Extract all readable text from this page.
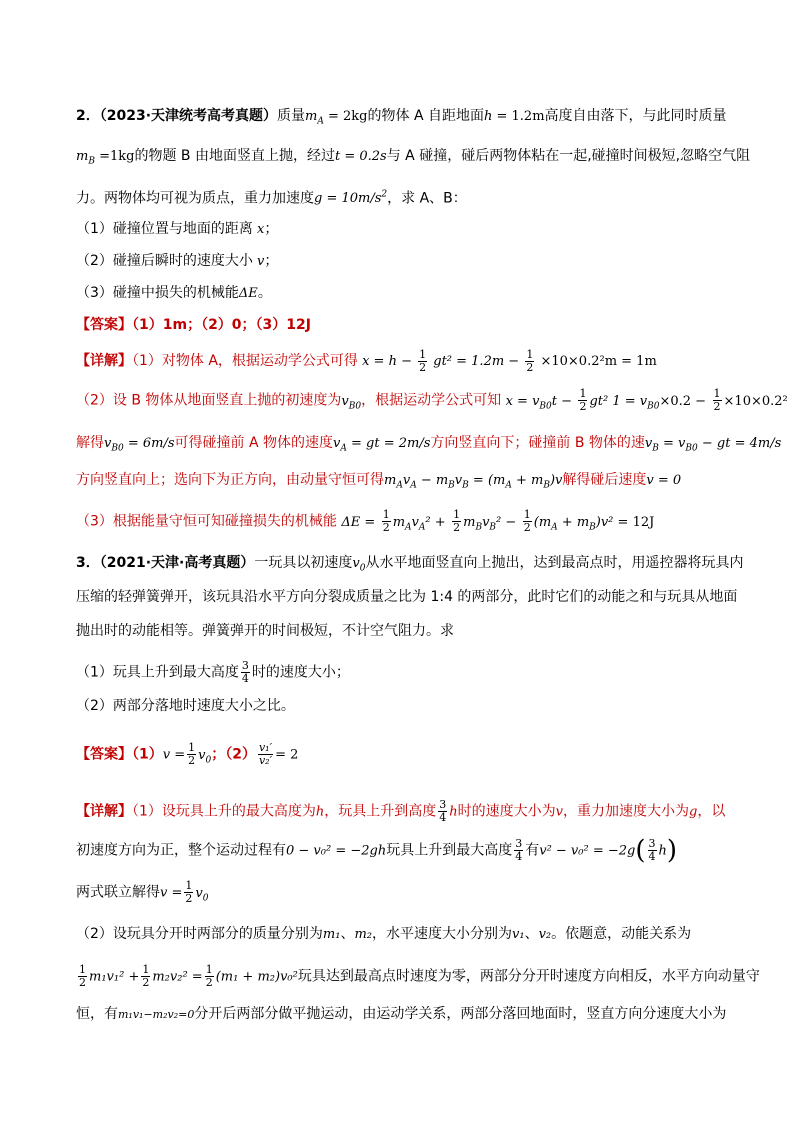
2．（2023·天津统考高考真题）质量$m_A = 2kg$的物体 A 自距地面h = 1.2m高度自由落下，与此同时质量
$m_B =1kg$的物题 B 由地面竖直上抛，经过t = 0.2s与 A 碰撞，碰后两物体粘在一起,碰撞时间极短,忽略空气阻
力。两物体均可视为质点，重力加速度$g = 10m/s^2$，求 A、B：
（1）碰撞位置与地面的距离 x；
（2）碰撞后瞬时的速度大小 v；
（3）碰撞中损失的机械能ΔE。
【答案】（1）1m；（2）0；（3）12J
【详解】（1）对物体 A，根据运动学公式可得 $x = h - \frac{1}{2} gt^2 = 1.2m - \frac{1}{2} \times 10\times 0.2^2m = 1m$
（2）设 B 物体从地面竖直上抛的初速度为$v_{B0}$，根据运动学公式可知 $x = v_{B0}t - \frac{1}{2} gt^2$ $1 = v_{B0}\times 0.2 - \frac{1}{2} \times 10\times 0.2^2$
解得$v_{B0} = 6m/s$可得碰撞前 A 物体的速度$v_A$ = gt = 2m/s方向竖直向下；碰撞前 B 物体的速$v_B = v_{B0}$ − gt = 4m/s
方向竖直向上；选向下为正方向，由动量守恒可得$m_Av_A - m_Bv_B = (m_A + m_B)v$解得碰后速度v = 0
（3）根据能量守恒可知碰撞损失的机械能 $\Delta E = \frac{1}{2} m_Av_A^2 + \frac{1}{2} m_Bv_B^2 - \frac{1}{2} (m_A + m_B)v^2 = 12J$
3．（2021·天津·高考真题）一玩具以初速度$v_0$从水平地面竖直向上抛出，达到最高点时，用遥控器将玩具内
压缩的轻弹簧弹开，该玩具沿水平方向分裂成质量之比为 1:4 的两部分，此时它们的动能之和与玩具从地面
抛出时的动能相等。弹簧弹开的时间极短，不计空气阻力。求
（1）玩具上升到最大高度 $\frac{3}{4}$ 时的速度大小；
（2）两部分落地时速度大小之比。
【答案】$(1)v = \frac{1}{2} v_0$；$(2) \frac{\text{v₁′}}{\text{v₂′}} = 2$
【详解】（1）设玩具上升的最大高度为h，玩具上升到高度 $\frac{3}{4}$ h时的速度大小为v，重力加速度大小为g，以
初速度方向为正，整个运动过程有0 − v₀² = −2gh玩具上升到最大高度 $\frac{3}{4}$ 有$v^2 - v_0^2 = -2g( \frac{3}{4} h)$
两式联立解得$v = \frac{1}{2} v_0$
（2）设玩具分开时两部分的质量分别为m₁、m₂，水平速度大小分别为v₁、v₂。依题意，动能关系为
$\frac{1}{2} m_1v_1^2 + \frac{1}{2} m_2v_2^2 = \frac{1}{2} (m_1 + m_2)v_0^2$玩具达到最高点时速度为零，两部分分开时速度方向相反，水平方向动量守
恒，有m₁v₁−m₂v₂=0分开后两部分做平抛运动，由运动学关系，两部分落回地面时，竖直方向分速度大小为
